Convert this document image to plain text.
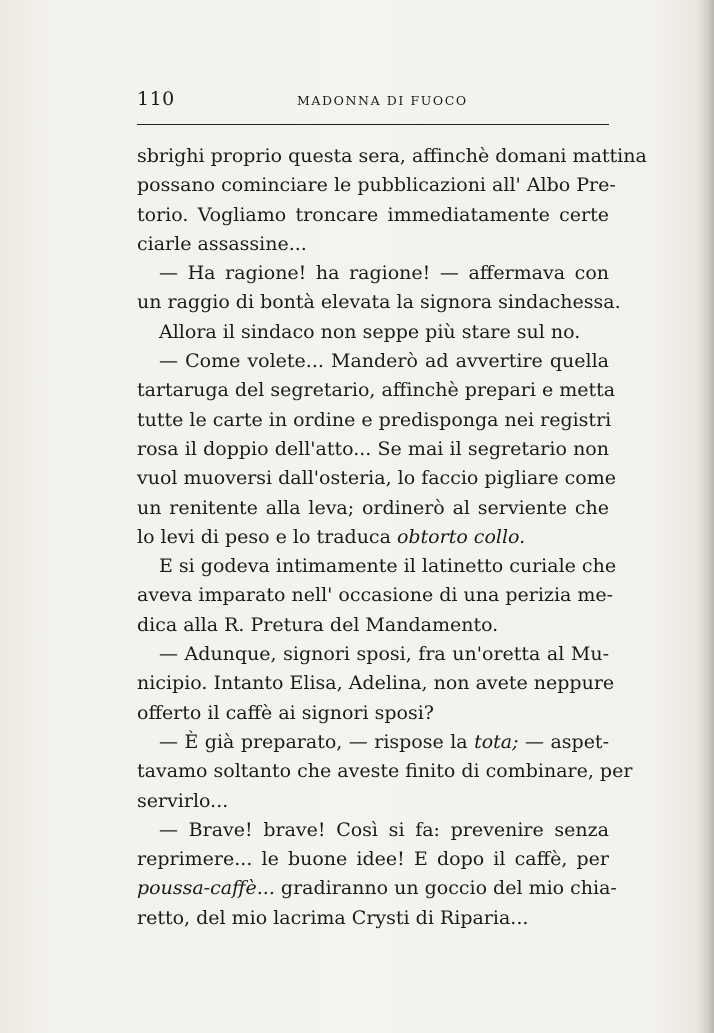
110	MADONNA DI FUOCO
sbrighi proprio questa sera, affinchè domani mattina
possano cominciare le pubblicazioni all' Albo Pre-
torio. Vogliamo troncare immediatamente certe
ciarle assassine...
— Ha ragione! ha ragione! — affermava con
un raggio di bontà elevata la signora sindachessa.
Allora il sindaco non seppe più stare sul no.
— Come volete... Manderò ad avvertire quella
tartaruga del segretario, affinchè prepari e metta
tutte le carte in ordine e predisponga nei registri
rosa il doppio dell'atto... Se mai il segretario non
vuol muoversi dall'osteria, lo faccio pigliare come
un renitente alla leva; ordinerò al serviente che
lo levi di peso e lo traduca obtorto collo.
E si godeva intimamente il latinetto curiale che
aveva imparato nell' occasione di una perizia me-
dica alla R. Pretura del Mandamento.
— Adunque, signori sposi, fra un'oretta al Mu-
nicipio. Intanto Elisa, Adelina, non avete neppure
offerto il caffè ai signori sposi?
— È già preparato, — rispose la tota; — aspet-
tavamo soltanto che aveste finito di combinare, per
servirlo...
— Brave! brave! Così si fa: prevenire senza
reprimere... le buone idee! E dopo il caffè, per
poussa-caffè... gradiranno un goccio del mio chia-
retto, del mio lacrima Crysti di Riparia...
